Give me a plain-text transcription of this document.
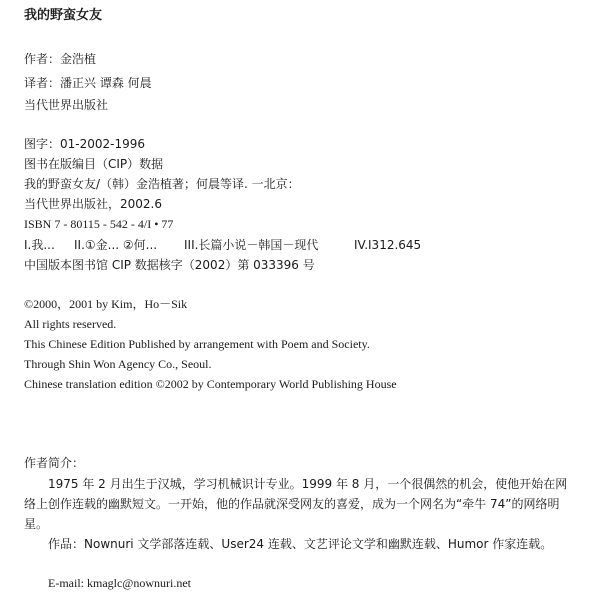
我的野蛮女友
作者：金浩植
译者：潘正兴 谭森 何晨
当代世界出版社
图字：01-2002-1996
图书在版编目（CIP）数据
我的野蛮女友/（韩）金浩植著；何晨等译. 一北京：
当代世界出版社，2002.6
ISBN 7 - 80115 - 542 - 4/I • 77
I.我... II.①金... ②何... III.长篇小说－韩国－现代	IV.I312.645
中国版本图书馆 CIP 数据核字（2002）第 033396 号
©2000，2001 by Kim，Ho－Sik
All rights reserved.
This Chinese Edition Published by arrangement with Poem and Society.
Through Shin Won Agency Co., Seoul.
Chinese translation edition ©2002 by Contemporary World Publishing House
作者简介：
1975 年 2 月出生于汉城，学习机械识计专业。1999 年 8 月，一个很偶然的机会，使他开始在网络上创作连载的幽默短文。一开始，他的作品就深受网友的喜爱，成为一个网名为“牵牛 74”的网络明星。
作品：Nownuri 文学部落连载、User24 连载、文艺评论文学和幽默连载、Humor 作家连载。
E-mail: kmaglc@nownuri.net
